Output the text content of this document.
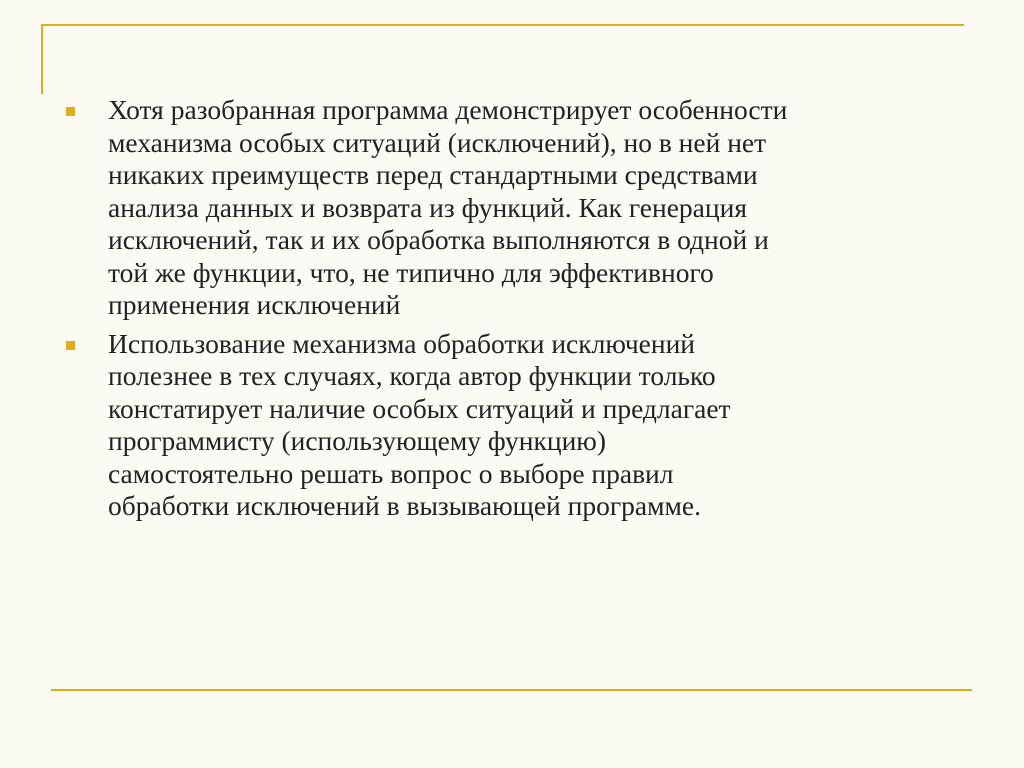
Хотя разобранная программа демонстрирует особенности
механизма особых ситуаций (исключений), но в ней нет
никаких преимуществ перед стандартными средствами
анализа данных и возврата из функций. Как генерация
исключений, так и их обработка выполняются в одной и
той же функции, что, не типично для эффективного
применения исключений
Использование механизма обработки исключений
полезнее в тех случаях, когда автор функции только
констатирует наличие особых ситуаций и предлагает
программисту (использующему функцию)
самостоятельно решать вопрос о выборе правил
обработки исключений в вызывающей программе.
